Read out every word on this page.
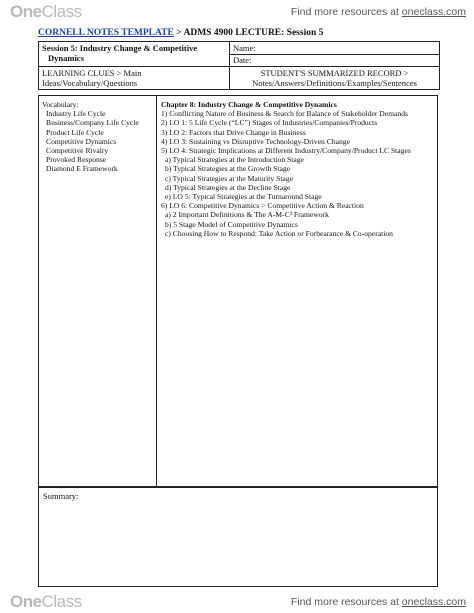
OneClass	Find more resources at oneclass.com
CORNELL NOTES TEMPLATE > ADMS 4900 LECTURE: Session 5
Session 5: Industry Change & Competitive
Dynamics
Name:
Date:
LEARNING CLUES > Main
Ideas/Vocabulary/Questions
STUDENT'S SUMMARIZED RECORD >
Notes/Answers/Definitions/Examples/Sentences
Vocabulary:
Industry Life Cycle
Business/Company Life Cycle
Product Life Cycle
Competitive Dynamics
Competitive Rivalry
Provoked Response
Diamond E Framework
Chapter 8: Industry Change & Competitive Dynamics
1) Conflicting Nature of Business & Search for Balance of Stakeholder Demands
2) LO 1: 5 Life Cycle (“LC”) Stages of Industries/Companies/Products
3) LO 2: Factors that Drive Change in Business
4) LO 3: Sustaining vs Disruptive Technology-Driven Change
5) LO 4: Strategic Implications at Different Industry/Company/Product LC Stages
a) Typical Strategies at the Introduction Stage
b) Typical Strategies at the Growth Stage
c) Typical Strategies at the Maturity Stage
d) Typical Strategies at the Decline Stage
e) LO 5: Typical Strategies at the Turnaround Stage
6) LO 6: Competitive Dynamics > Competitive Action & Reaction
a) 2 Important Definitions & The A-M-C³ Framework
b) 5 Stage Model of Competitive Dynamics
c) Choosing How to Respond: Take Action or Forbearance & Co-operation
Summary:
OneClass	Find more resources at oneclass.com
